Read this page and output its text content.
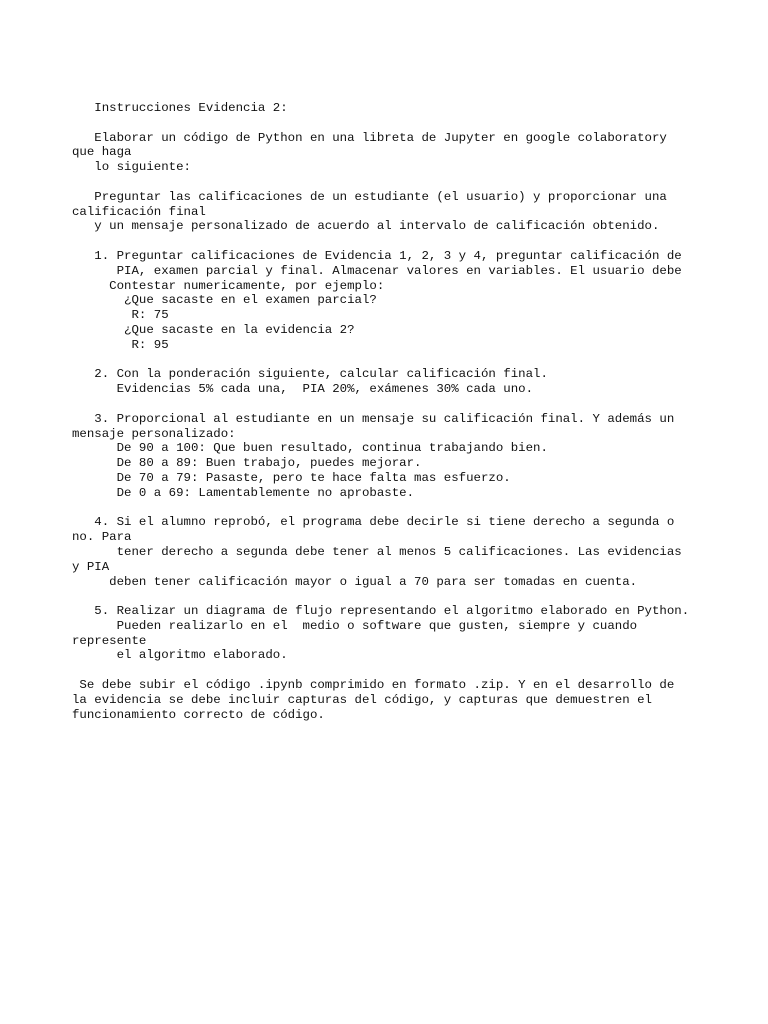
Instrucciones Evidencia 2:
Elaborar un código de Python en una libreta de Jupyter en google colaboratory
que haga
lo siguiente:
Preguntar las calificaciones de un estudiante (el usuario) y proporcionar una
calificación final
y un mensaje personalizado de acuerdo al intervalo de calificación obtenido.
1. Preguntar calificaciones de Evidencia 1, 2, 3 y 4, preguntar calificación de
PIA, examen parcial y final. Almacenar valores en variables. El usuario debe
Contestar numericamente, por ejemplo:
¿Que sacaste en el examen parcial?
R: 75
¿Que sacaste en la evidencia 2?
R: 95
2. Con la ponderación siguiente, calcular calificación final.
Evidencias 5% cada una,  PIA 20%, exámenes 30% cada uno.
3. Proporcional al estudiante en un mensaje su calificación final. Y además un
mensaje personalizado:
De 90 a 100: Que buen resultado, continua trabajando bien.
De 80 a 89: Buen trabajo, puedes mejorar.
De 70 a 79: Pasaste, pero te hace falta mas esfuerzo.
De 0 a 69: Lamentablemente no aprobaste.
4. Si el alumno reprobó, el programa debe decirle si tiene derecho a segunda o
no. Para
tener derecho a segunda debe tener al menos 5 calificaciones. Las evidencias
y PIA
deben tener calificación mayor o igual a 70 para ser tomadas en cuenta.
5. Realizar un diagrama de flujo representando el algoritmo elaborado en Python.
Pueden realizarlo en el  medio o software que gusten, siempre y cuando
represente
el algoritmo elaborado.
Se debe subir el código .ipynb comprimido en formato .zip. Y en el desarrollo de
la evidencia se debe incluir capturas del código, y capturas que demuestren el
funcionamiento correcto de código.
